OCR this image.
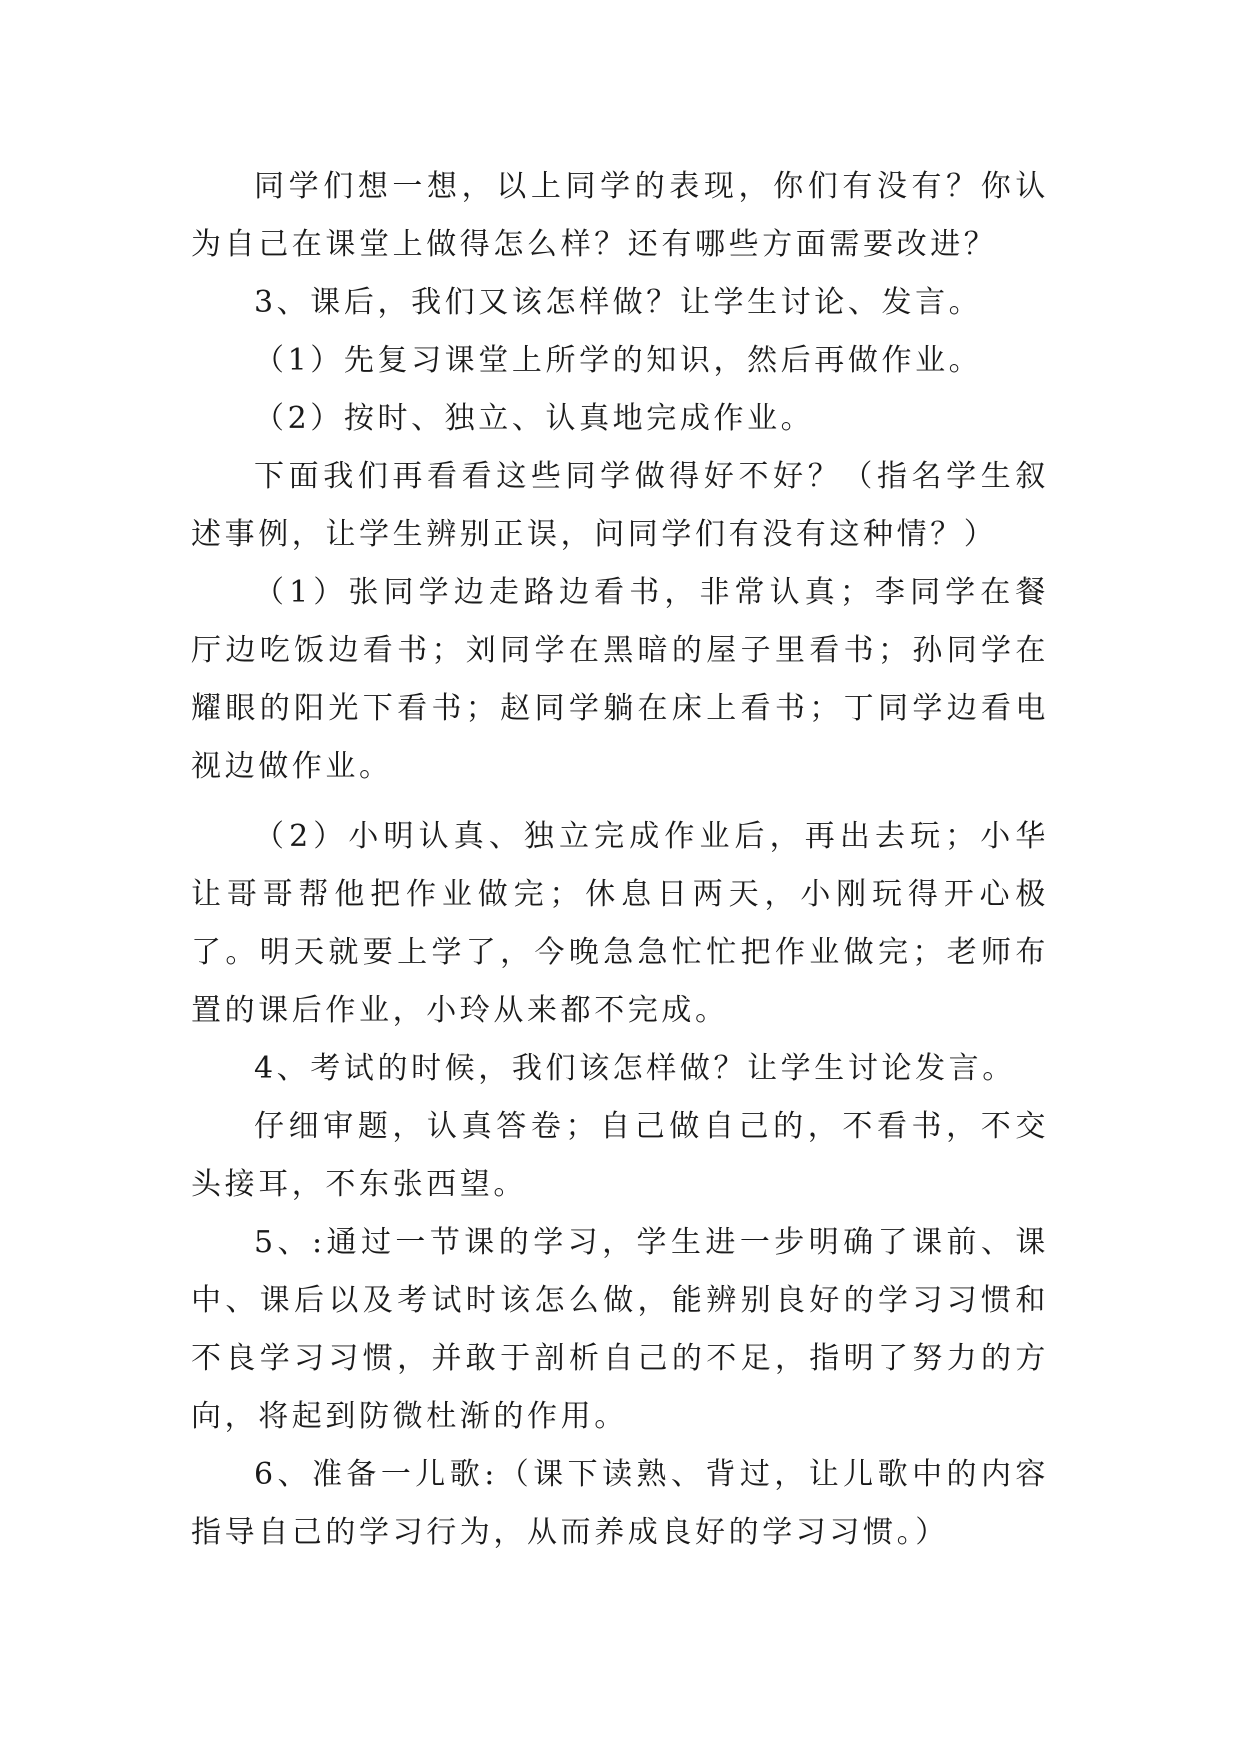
同学们想一想，以上同学的表现，你们有没有？你认为自己在课堂上做得怎么样？还有哪些方面需要改进？

3、课后，我们又该怎样做？让学生讨论、发言。

（1）先复习课堂上所学的知识，然后再做作业。

（2）按时、独立、认真地完成作业。

下面我们再看看这些同学做得好不好？（指名学生叙述事例，让学生辨别正误，问同学们有没有这种情？）

（1）张同学边走路边看书，非常认真；李同学在餐厅边吃饭边看书；刘同学在黑暗的屋子里看书；孙同学在耀眼的阳光下看书；赵同学躺在床上看书；丁同学边看电视边做作业。

（2）小明认真、独立完成作业后，再出去玩；小华让哥哥帮他把作业做完；休息日两天，小刚玩得开心极了。明天就要上学了，今晚急急忙忙把作业做完；老师布置的课后作业，小玲从来都不完成。

4、考试的时候，我们该怎样做？让学生讨论发言。

仔细审题，认真答卷；自己做自己的，不看书，不交头接耳，不东张西望。

5、:通过一节课的学习，学生进一步明确了课前、课中、课后以及考试时该怎么做，能辨别良好的学习习惯和不良学习习惯，并敢于剖析自己的不足，指明了努力的方向，将起到防微杜渐的作用。

6、准备一儿歌:（课下读熟、背过，让儿歌中的内容指导自己的学习行为，从而养成良好的学习习惯。）
